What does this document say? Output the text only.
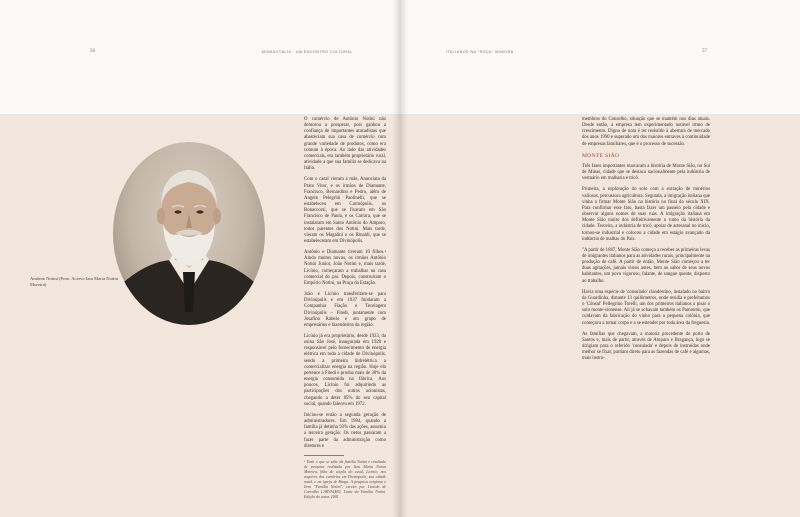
56	MINAS/ITÁLIA · UM ENCONTRO CULTURAL	ITALIANOS NA "ROÇA" MINEIRA	57
Antônio Notini (Foto: Acervo Iara Maria Notini Moreira)

O comércio de Antônio Notini não demorou a prosperar, pois ganhou a confiança de importantes atacadistas que abasteciam sua casa de comércio com grande variedade de produtos, como era comum à época. Ao lado das atividades comerciais, era também proprietário rural, atividade a que sua família se dedicava na Itália.

Com o casal vieram a mãe, Anunciata da Prato Vitor, e os irmãos de Diamante, Francisco, Bernardino e Pedro, além de Angelo Pelegrini Paolinelli, que se estabeleceu em Carmópolis, os Bonaccorsi, que se fixaram em São Francisco de Paula, e os Carrara, que se instalaram em Santo Antônio do Amparo, todos parentes dos Notini. Mais tarde, vieram os Magalini e os Rinaldi, que se estabeleceram em Divinópolis.

Antônio e Diamante tiveram 10 filhos.¹ Ainda muitos novos, os irmãos Antônio Notini Junior, João Notini e, mais tarde, Licínio, começaram a trabalhar na casa comercial do pai. Depois, construíram o Empório Notini, na Praça da Estação.

João e Licínio transferiram-se para Divinópolis e em 1937 fundaram a Companhia Fiação e Tecelagem Divinópolis – Fitedi, juntamente com Josafino Rabelo e um grupo de empresários e fazendeiros da região.

Licínio já era proprietário, desde 1923, da usina São José, inaugurada em 1920 e responsável pelo fornecimento de energia elétrica em toda a cidade de Divinópolis, sendo a primeira hidrelétrica a comercializar energia na região. Hoje ela pertence à Fitedi e produz mais de 30% da energia consumida na fábrica. Aos poucos, Licínio foi adquirindo as participações dos outros acionistas, chegando a deter 85% do seu capital social, quando faleceu em 1972.

Iniciou-se então a segunda geração de administradores. Em 1984, quando a família já detinha 93% das ações, assumiu a terceira geração. Os netos passaram a fazer parte da administração como diretores e

¹ Todo o que se sabe da família Notini é resultado de pesquisa realizada por Iara Maria Notini Moreira, filha do caçula do casal, Licínio, nos arquivos dos cartórios em Divinópolis, sua cidade natal, e na igreja de Barga. A pesquisa originou o livro "Família Notini", escrito por Lincoln de Carvalho CARVALHO, Linea da Família Notini. Edição do autor, 2001.

membros do Conselho, situação que se mantém nos dias atuais. Desde então, a empresa tem experimentado notável ritmo de crescimento. Digno de nota é ter resistido à abertura de mercado dos anos 1990 e superado um dos maiores entraves à continuidade de empresas familiares, que é o processo de sucessão.

MONTE SIÃO

Três fases importantes marcaram a história de Monte Sião, no Sul de Minas, cidade que se destaca nacionalmente pela indústria de vestuário em malharia e tricô.

Primeira, a exploração do solo com a extração de minérios valiosos, percussora agricultura. Segunda, a imigração italiana que vinha a firmar Monte Sião na história no final do século XIX. Para confirmar esse fato, basta fazer um passeio pela cidade e observar alguns nomes de suas ruas. A imigração italiana em Monte Sião muito dos definitivamente o rumo da história da cidade. Terceira, a indústria de tricô, apoiar de artesanal no início, tornou-se industrial e colocou a cidade em estágio avançado da indústria de malhas do País.

"A partir de 1887, Monte Sião começa a receber as primeiras levas de imigrantes italianos para as atividades rurais, principalmente na produção de café. A partir de então, Monte Sião começou a ter duas agitações, jamais vistos antes, bem ao sabor de seus novos habitantes, um povo vigoroso, falante, de sangue quente, disposto ao trabalho.

Havia uma espécie de 'consulado' clandestino, instalado no bairro da Guardinha, distante 13 quilômetros, onde residia e prefeitamos o 'Cônsul' Pellegrino Torelli, um dos primeiros italianos a pisar o solo monte-sionense. Ali já se achavam também os Pamontin, que cuidavam da fabricação do vinho para a pequena colônia, que começava a tomar corpo e a se estender por toda área da freguesia.

As famílias que chegavam, a maioria procedente do porto de Santos e, mais de partir, através de Amparo e Bragança, logo se dirigiam para o referido 'consulado' e depois de instruídas onde melhor se fixar, partiam direto para as fazendas de café e algumas, mais instru-
